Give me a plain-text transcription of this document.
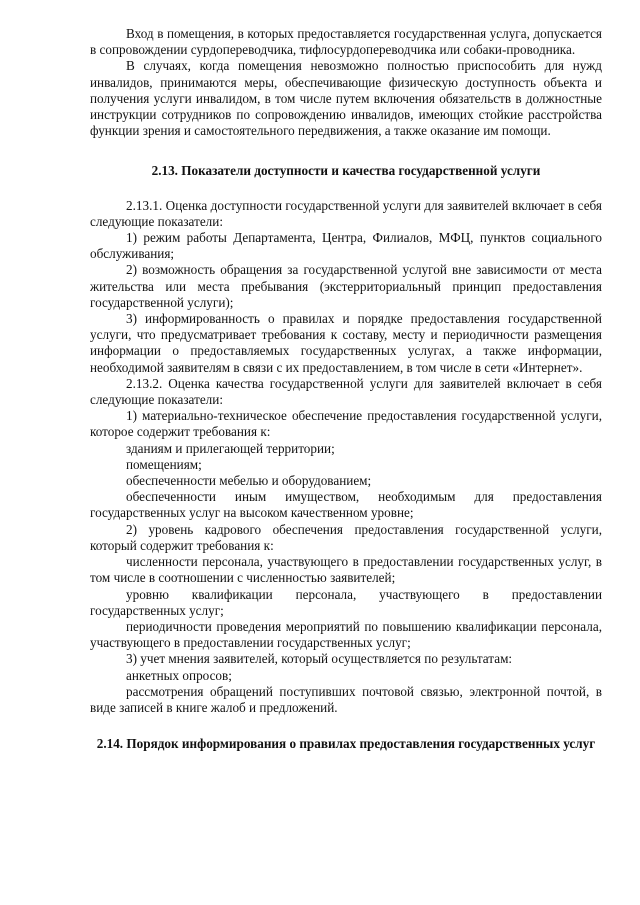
Вход в помещения, в которых предоставляется государственная услуга, допускается в сопровождении сурдопереводчика, тифлосурдопереводчика или собаки-проводника.

В случаях, когда помещения невозможно полностью приспособить для нужд инвалидов, принимаются меры, обеспечивающие физическую доступность объекта и получения услуги инвалидом, в том числе путем включения обязательств в должностные инструкции сотрудников по сопровождению инвалидов, имеющих стойкие расстройства функции зрения и самостоятельного передвижения, а также оказание им помощи.

2.13. Показатели доступности и качества государственной услуги

2.13.1. Оценка доступности государственной услуги для заявителей включает в себя следующие показатели:

1) режим работы Департамента, Центра, Филиалов, МФЦ, пунктов социального обслуживания;

2) возможность обращения за государственной услугой вне зависимости от места жительства или места пребывания (экстерриториальный принцип предоставления государственной услуги);

3) информированность о правилах и порядке предоставления государственной услуги, что предусматривает требования к составу, месту и периодичности размещения информации о предоставляемых государственных услугах, а также информации, необходимой заявителям в связи с их предоставлением, в том числе в сети «Интернет».

2.13.2. Оценка качества государственной услуги для заявителей включает в себя следующие показатели:

1) материально-техническое обеспечение предоставления государственной услуги, которое содержит требования к:

зданиям и прилегающей территории;

помещениям;

обеспеченности мебелью и оборудованием;

обеспеченности иным имуществом, необходимым для предоставления государственных услуг на высоком качественном уровне;

2) уровень кадрового обеспечения предоставления государственной услуги, который содержит требования к:

численности персонала, участвующего в предоставлении государственных услуг, в том числе в соотношении с численностью заявителей;

уровню квалификации персонала, участвующего в предоставлении государственных услуг;

периодичности проведения мероприятий по повышению квалификации персонала, участвующего в предоставлении государственных услуг;

3) учет мнения заявителей, который осуществляется по результатам:

анкетных опросов;

рассмотрения обращений поступивших почтовой связью, электронной почтой, в виде записей в книге жалоб и предложений.

2.14. Порядок информирования о правилах предоставления государственных услуг
